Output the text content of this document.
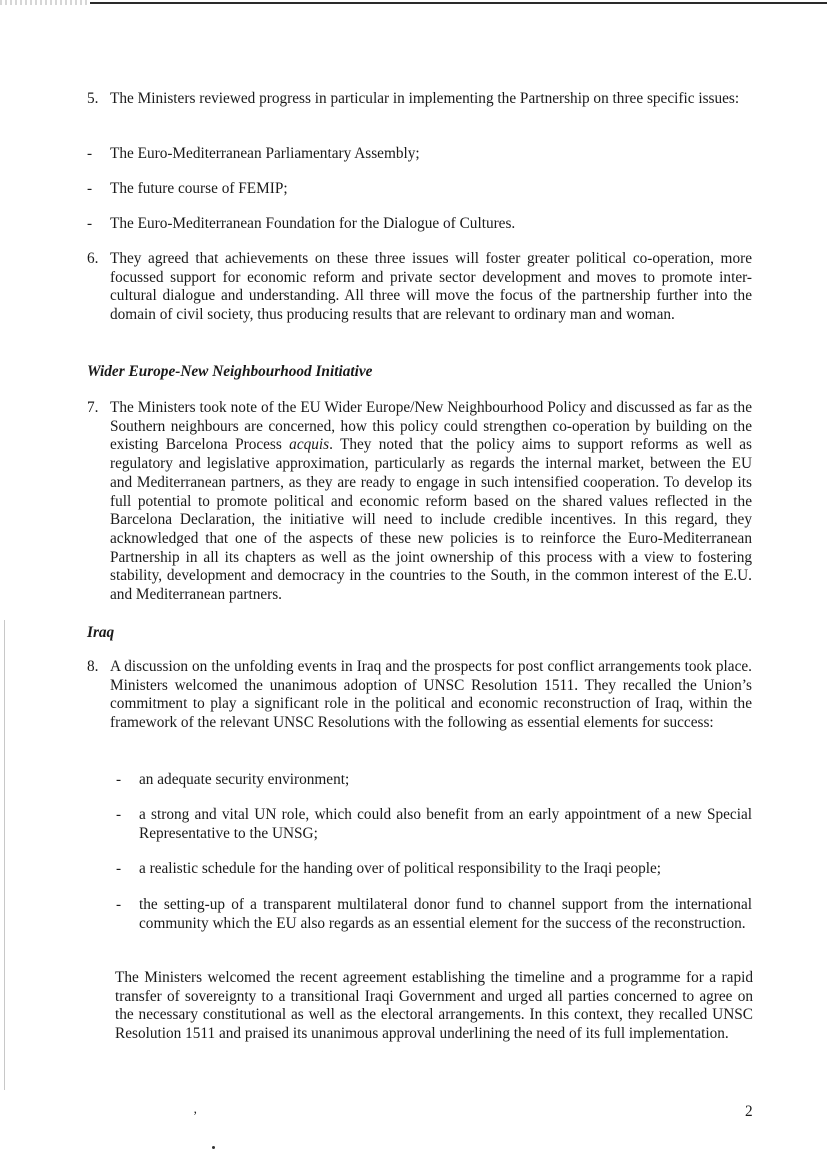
5. The Ministers reviewed progress in particular in implementing the Partnership on three specific issues:
- The Euro-Mediterranean Parliamentary Assembly;
- The future course of FEMIP;
- The Euro-Mediterranean Foundation for the Dialogue of Cultures.
6. They agreed that achievements on these three issues will foster greater political co-operation, more focussed support for economic reform and private sector development and moves to promote inter-cultural dialogue and understanding. All three will move the focus of the partnership further into the domain of civil society, thus producing results that are relevant to ordinary man and woman.
Wider Europe-New Neighbourhood Initiative
7. The Ministers took note of the EU Wider Europe/New Neighbourhood Policy and discussed as far as the Southern neighbours are concerned, how this policy could strengthen co-operation by building on the existing Barcelona Process acquis. They noted that the policy aims to support reforms as well as regulatory and legislative approximation, particularly as regards the internal market, between the EU and Mediterranean partners, as they are ready to engage in such intensified cooperation. To develop its full potential to promote political and economic reform based on the shared values reflected in the Barcelona Declaration, the initiative will need to include credible incentives. In this regard, they acknowledged that one of the aspects of these new policies is to reinforce the Euro-Mediterranean Partnership in all its chapters as well as the joint ownership of this process with a view to fostering stability, development and democracy in the countries to the South, in the common interest of the E.U. and Mediterranean partners.
Iraq
8. A discussion on the unfolding events in Iraq and the prospects for post conflict arrangements took place. Ministers welcomed the unanimous adoption of UNSC Resolution 1511. They recalled the Union’s commitment to play a significant role in the political and economic reconstruction of Iraq, within the framework of the relevant UNSC Resolutions with the following as essential elements for success:
- an adequate security environment;
- a strong and vital UN role, which could also benefit from an early appointment of a new Special Representative to the UNSG;
- a realistic schedule for the handing over of political responsibility to the Iraqi people;
- the setting-up of a transparent multilateral donor fund to channel support from the international community which the EU also regards as an essential element for the success of the reconstruction.
The Ministers welcomed the recent agreement establishing the timeline and a programme for a rapid transfer of sovereignty to a transitional Iraqi Government and urged all parties concerned to agree on the necessary constitutional as well as the electoral arrangements. In this context, they recalled UNSC Resolution 1511 and praised its unanimous approval underlining the need of its full implementation.
ʼ	2
